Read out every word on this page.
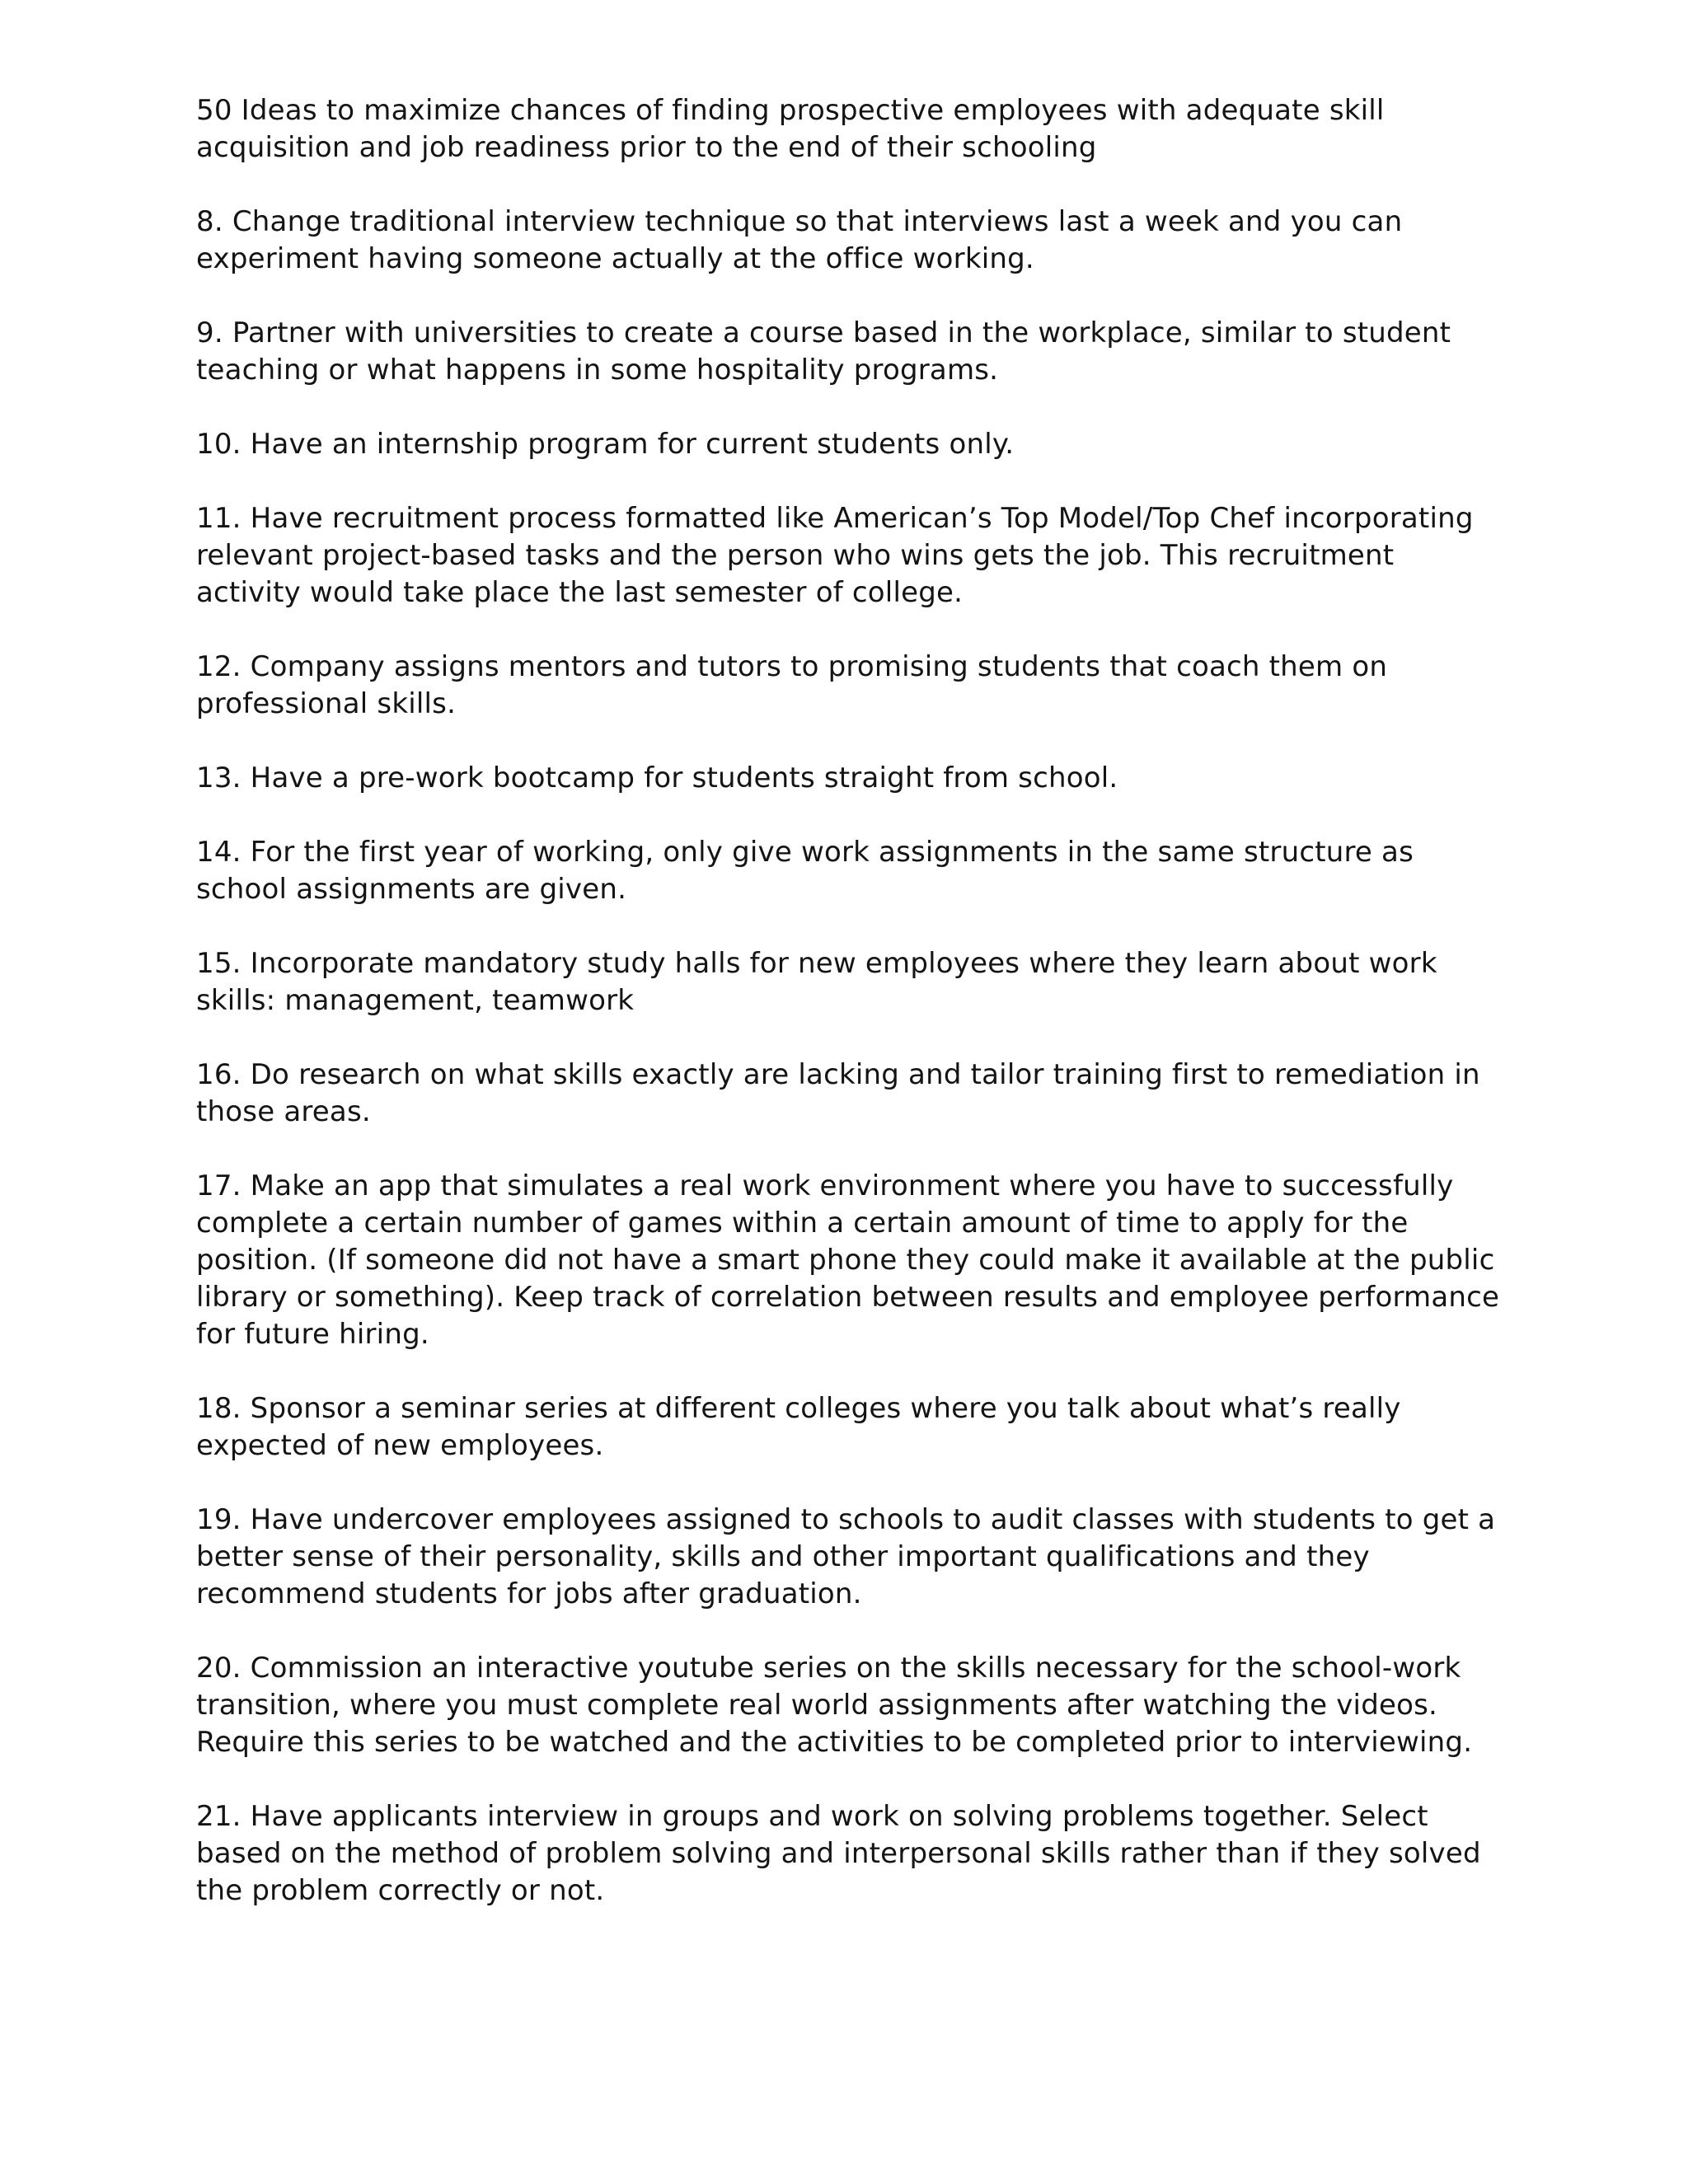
50 Ideas to maximize chances of finding prospective employees with adequate skill acquisition and job readiness prior to the end of their schooling

8. Change traditional interview technique so that interviews last a week and you can experiment having someone actually at the office working.

9. Partner with universities to create a course based in the workplace, similar to student teaching or what happens in some hospitality programs.

10. Have an internship program for current students only.

11. Have recruitment process formatted like American’s Top Model/Top Chef incorporating relevant project-based tasks and the person who wins gets the job. This recruitment activity would take place the last semester of college.

12. Company assigns mentors and tutors to promising students that coach them on professional skills.

13. Have a pre-work bootcamp for students straight from school.

14. For the first year of working, only give work assignments in the same structure as school assignments are given.

15. Incorporate mandatory study halls for new employees where they learn about work skills: management, teamwork

16. Do research on what skills exactly are lacking and tailor training first to remediation in those areas.

17. Make an app that simulates a real work environment where you have to successfully complete a certain number of games within a certain amount of time to apply for the position. (If someone did not have a smart phone they could make it available at the public library or something). Keep track of correlation between results and employee performance for future hiring.

18. Sponsor a seminar series at different colleges where you talk about what’s really expected of new employees.

19. Have undercover employees assigned to schools to audit classes with students to get a better sense of their personality, skills and other important qualifications and they recommend students for jobs after graduation.

20. Commission an interactive youtube series on the skills necessary for the school-work transition, where you must complete real world assignments after watching the videos. Require this series to be watched and the activities to be completed prior to interviewing.

21. Have applicants interview in groups and work on solving problems together. Select based on the method of problem solving and interpersonal skills rather than if they solved the problem correctly or not.
